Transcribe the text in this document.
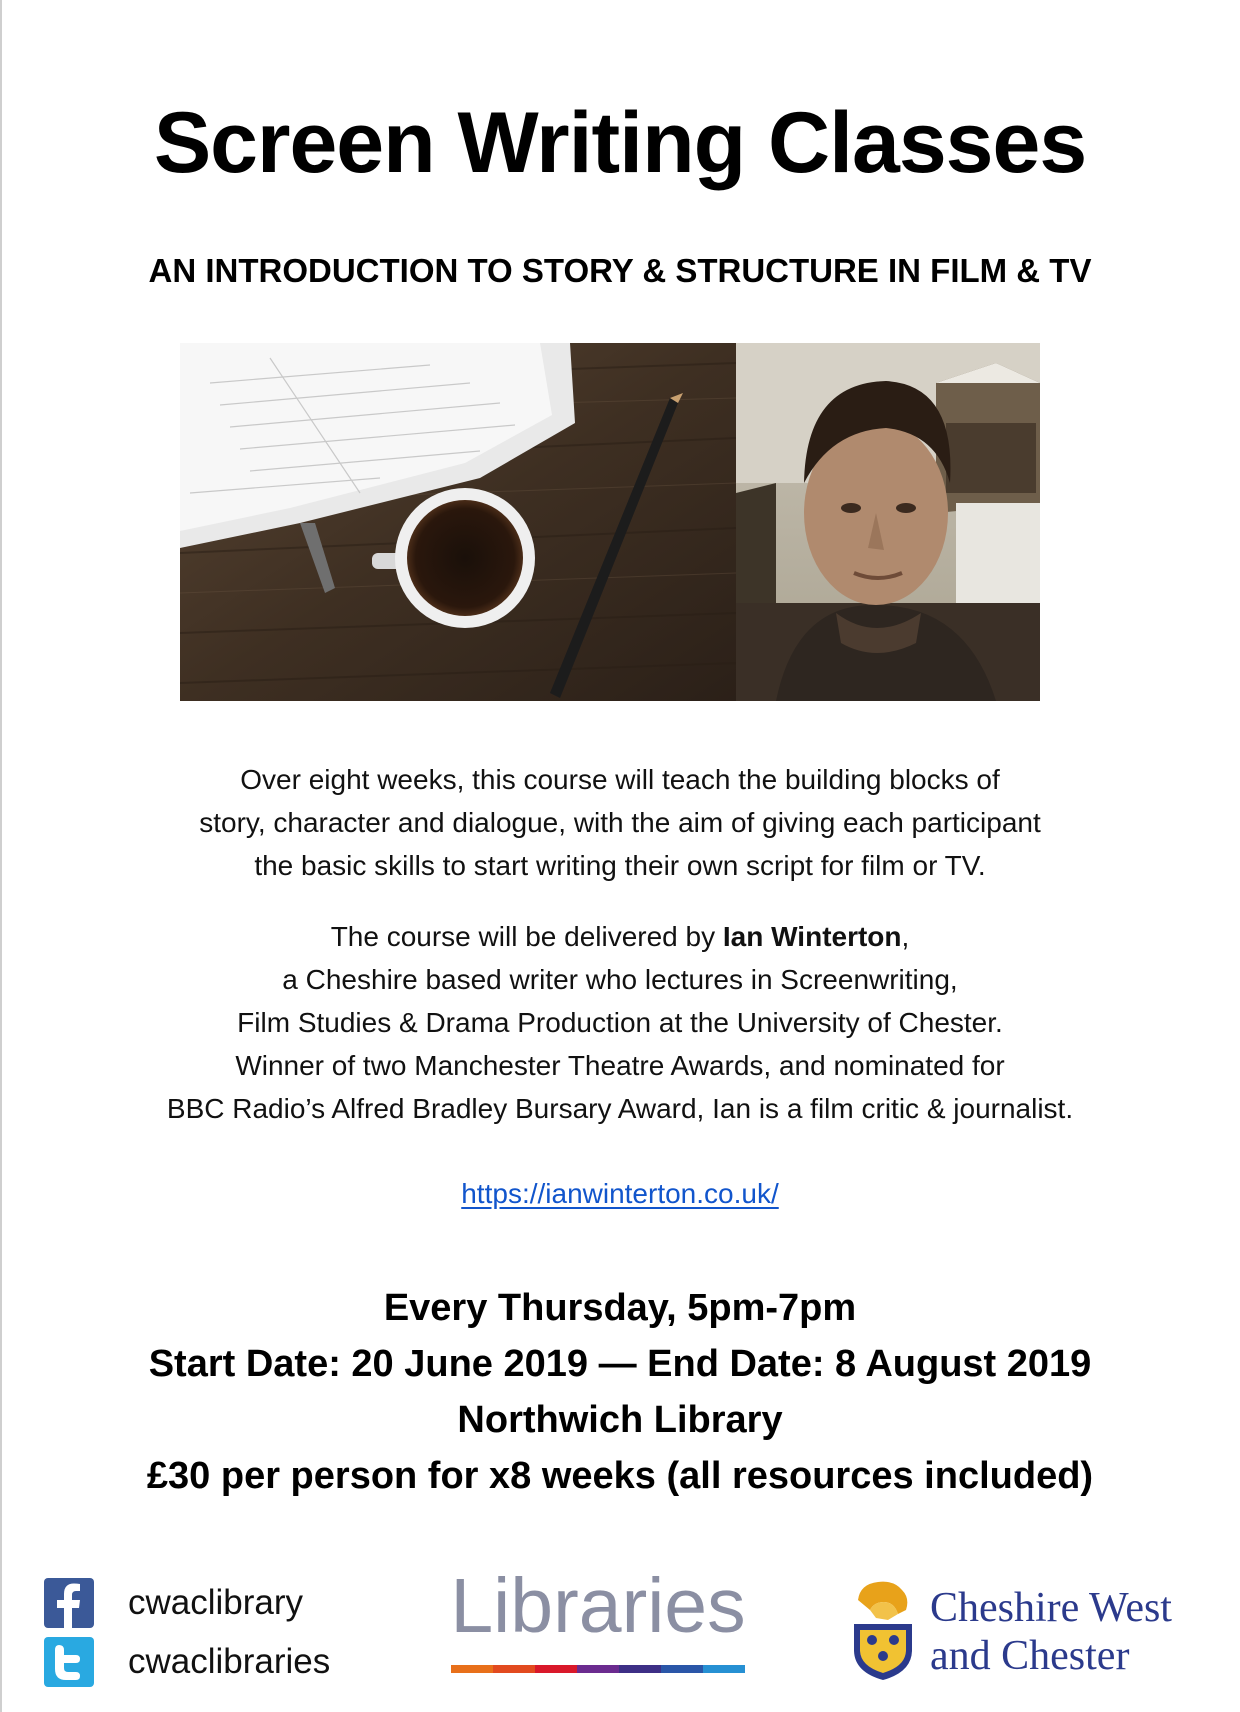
Screen Writing Classes
AN INTRODUCTION TO STORY & STRUCTURE IN FILM & TV
Over eight weeks, this course will teach the building blocks of
story, character and dialogue, with the aim of giving each participant
the basic skills to start writing their own script for film or TV.
The course will be delivered by Ian Winterton,
a Cheshire based writer who lectures in Screenwriting,
Film Studies & Drama Production at the University of Chester.
Winner of two Manchester Theatre Awards, and nominated for
BBC Radio’s Alfred Bradley Bursary Award, Ian is a film critic & journalist.
https://ianwinterton.co.uk/
Every Thursday, 5pm-7pm
Start Date: 20 June 2019 — End Date: 8 August 2019
Northwich Library
£30 per person for x8 weeks (all resources included)
cwaclibrary
cwaclibraries
Libraries	Cheshire West
and Chester
